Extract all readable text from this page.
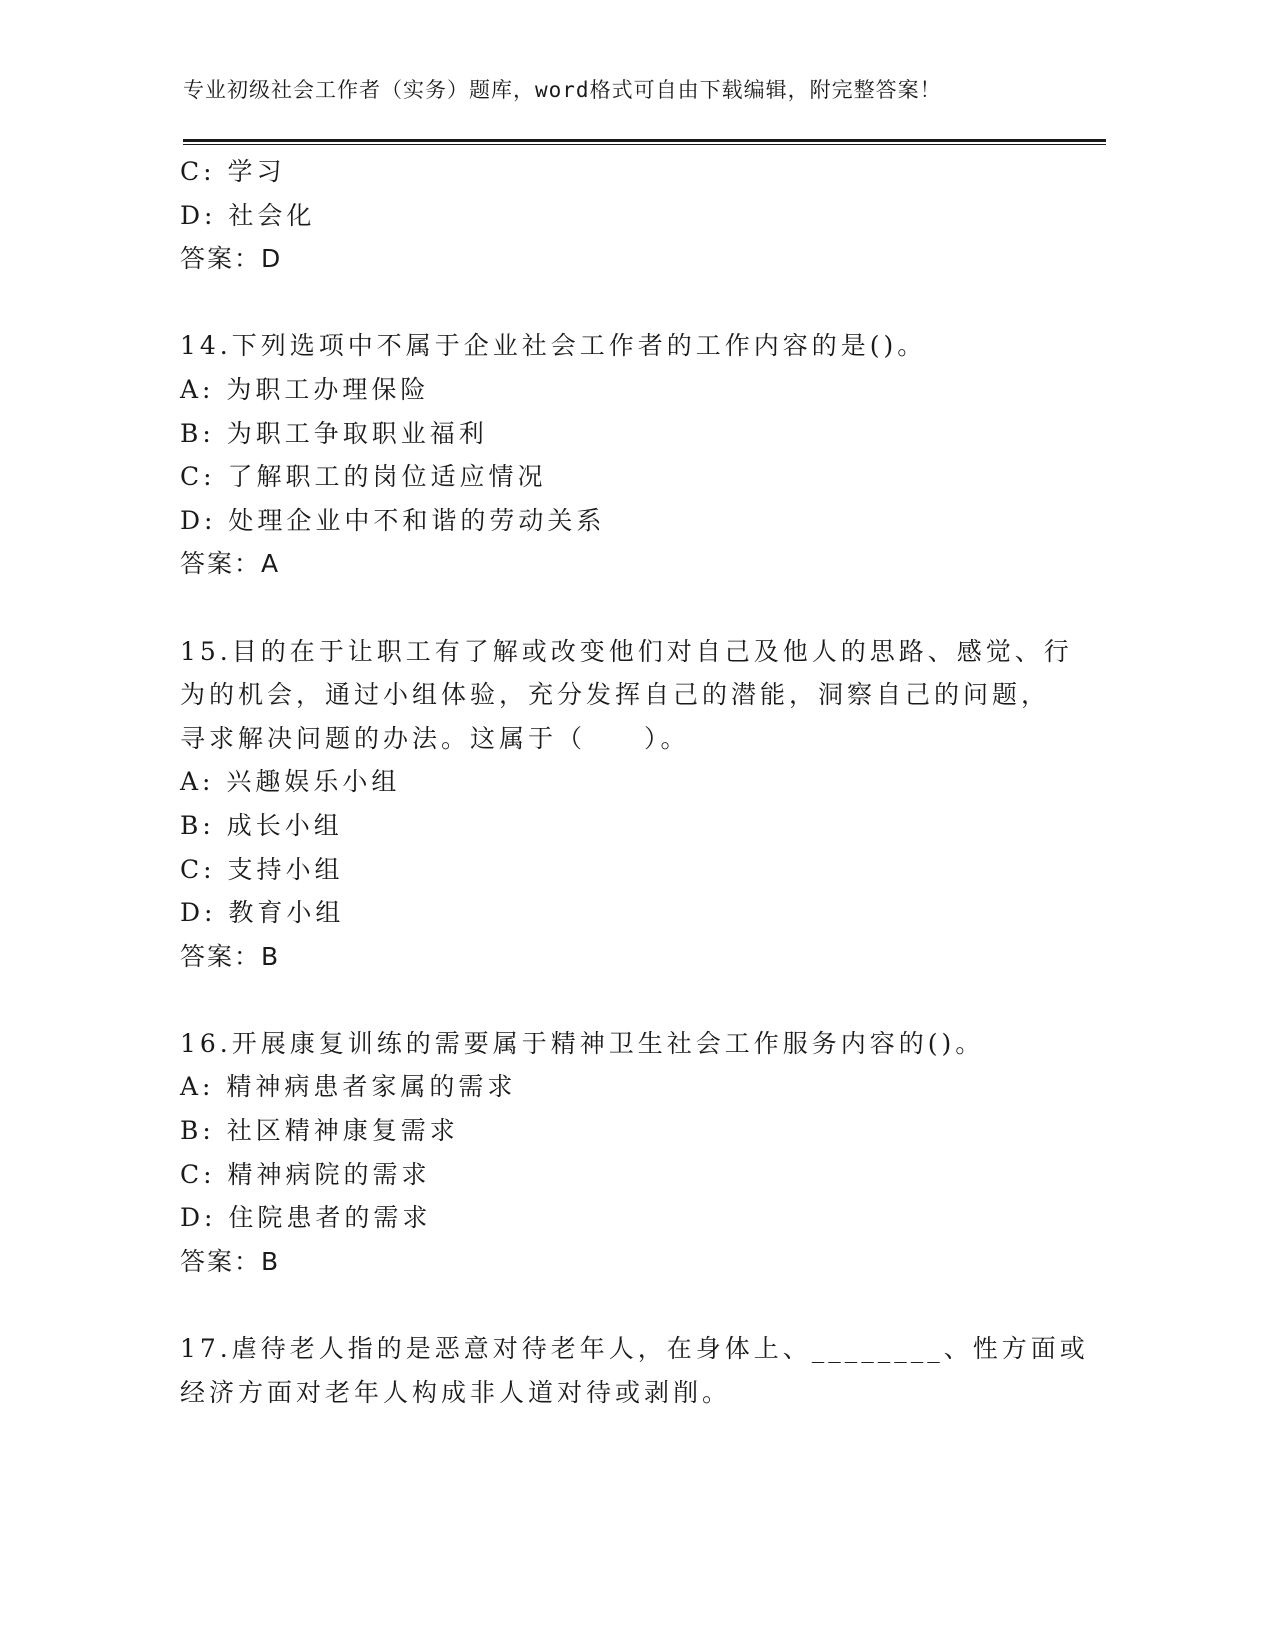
专业初级社会工作者（实务）题库，word格式可自由下载编辑，附完整答案！
C: 学习
D: 社会化
答案：D
14.下列选项中不属于企业社会工作者的工作内容的是()。
A: 为职工办理保险
B: 为职工争取职业福利
C: 了解职工的岗位适应情况
D: 处理企业中不和谐的劳动关系
答案：A
15.目的在于让职工有了解或改变他们对自己及他人的思路、感觉、行
为的机会，通过小组体验，充分发挥自己的潜能，洞察自己的问题，
寻求解决问题的办法。这属于（　　）。
A: 兴趣娱乐小组
B: 成长小组
C: 支持小组
D: 教育小组
答案：B
16.开展康复训练的需要属于精神卫生社会工作服务内容的()。
A: 精神病患者家属的需求
B: 社区精神康复需求
C: 精神病院的需求
D: 住院患者的需求
答案：B
17.虐待老人指的是恶意对待老年人，在身体上、________、性方面或
经济方面对老年人构成非人道对待或剥削。
